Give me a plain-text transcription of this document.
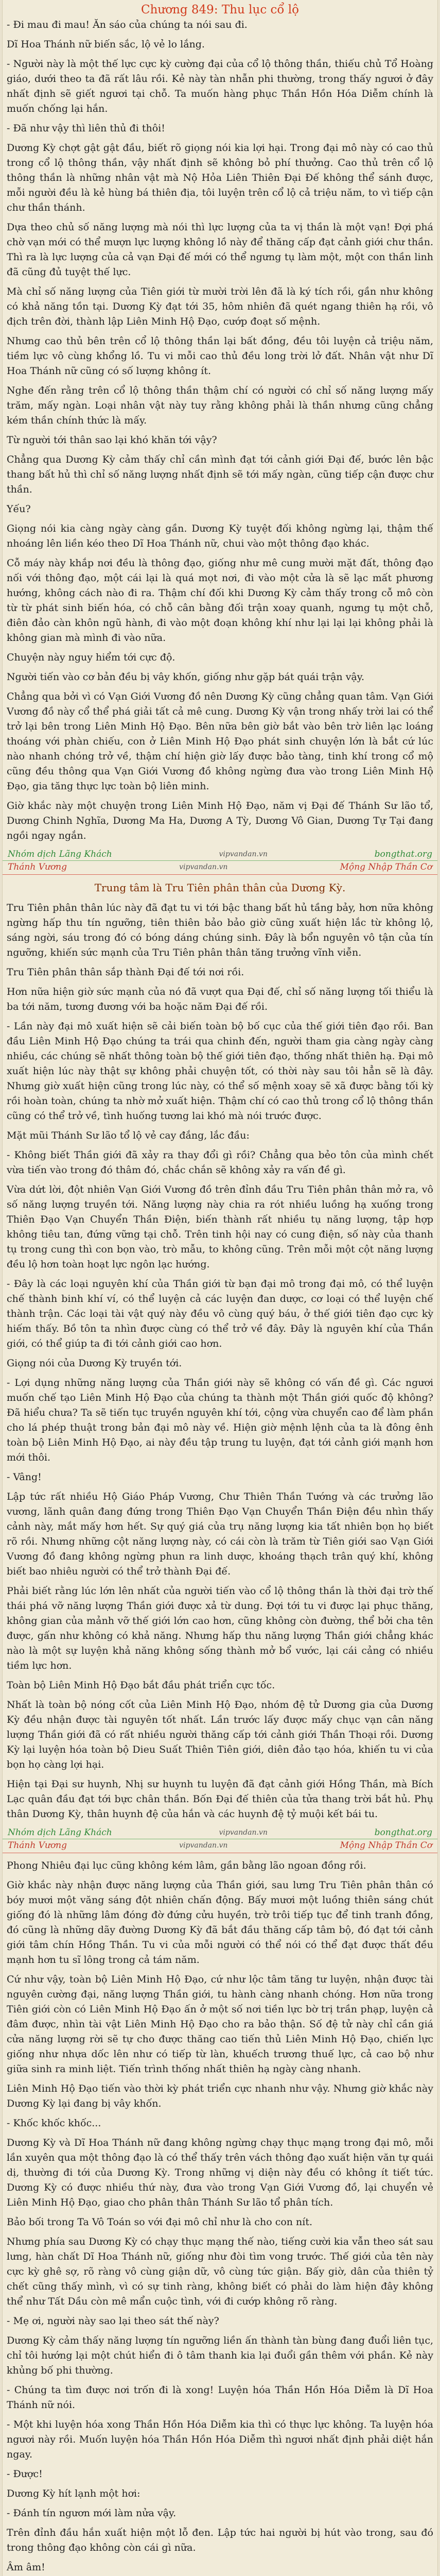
Chương 849: Thu lục cổ lộ

- Đi mau đi mau! Ăn sáo của chúng ta nói sau đi.

Dĩ Hoa Thánh nữ biến sắc, lộ vẻ lo lắng.

- Người này là một thế lực cực kỳ cường đại của cổ lộ thông thần, thiếu chủ Tổ Hoàng giáo, dưới theo ta đã rất lâu rồi. Kẻ này tàn nhẫn phi thường, trong thấy ngươi ở đây nhất định sẽ giết ngươi tại chỗ. Ta muốn hàng phục Thần Hồn Hóa Diễm chính là muốn chống lại hắn.

- Đã như vậy thì liên thủ đi thôi!

Dương Kỳ chợt gật gật đầu, biết rõ giọng nói kia lợi hại. Trong đại mô này có cao thủ trong cổ lộ thông thần, vậy nhất định sẽ không bỏ phí thưởng. Cao thủ trên cổ lộ thông thần là những nhân vật mà Nộ Hỏa Liên Thiên Đại Đế không thể sánh được, mỗi người đều là kẻ hùng bá thiên địa, tôi luyện trên cổ lộ cả triệu năm, to vì tiếp cận chư thần thánh.

Dựa theo chủ số năng lượng mà nói thì lực lượng của ta vị thần là một vạn! Đợi phá chờ vạn mới có thể mượn lực lượng không lồ này để thăng cấp đạt cảnh giới chư thần. Thì ra là lực lượng của cả vạn Đại đế mới có thể ngưng tụ làm một, một con thần linh đã cũng đủ tuyệt thế lực.

Mà chỉ số năng lượng của Tiên giới từ mười trời lên đã là ký tích rồi, gần như không có khả năng tồn tại. Dương Kỳ đạt tới 35, hôm nhiên đã quét ngang thiên hạ rồi, vô địch trên đời, thành lập Liên Minh Hộ Đạo, cướp đoạt số mệnh.

Nhưng cao thủ bên trên cổ lộ thông thần lại bất đồng, đều tôi luyện cả triệu năm, tiềm lực vô cùng khổng lồ. Tu vi mỗi cao thủ đều long trời lở đất. Nhân vật như Dĩ Hoa Thánh nữ cũng có số lượng không ít.

Nghe đến rằng trên cổ lộ thông thần thậm chí có người có chỉ số năng lượng mấy trăm, mấy ngàn. Loại nhân vật này tuy rằng không phải là thần nhưng cũng chẳng kém thần chính thức là mấy.

Từ người tới thân sao lại khó khăn tới vậy?

Chẳng qua Dương Kỳ cảm thấy chỉ cần mình đạt tới cảnh giới Đại đế, bước lên bậc thang bất hủ thì chỉ số năng lượng nhất định sẽ tới mấy ngàn, cũng tiếp cận được chư thần.

Yếu?

Giọng nói kia càng ngày càng gần. Dương Kỳ tuyệt đối không ngừng lại, thậm thế nhoáng lên liền kéo theo Dĩ Hoa Thánh nữ, chui vào một thông đạo khác.

Cỗ máy này khắp nơi đều là thông đạo, giống như mê cung mười mặt đất, thông đạo nối với thông đạo, một cái lại là quá mọt nơi, đi vào một cửa là sẽ lạc mất phương hướng, không cách nào đi ra. Thậm chí đối khi Dương Kỳ cảm thấy trong cỗ mô còn từ từ phát sinh biến hóa, có chỗ cân bằng đối trận xoay quanh, ngưng tụ một chỗ, điên đảo càn khôn ngũ hành, đi vào một đoạn không khí như lại lại lại không phải là không gian mà mình đi vào nữa.

Chuyện này nguy hiểm tới cực độ.

Người tiến vào cơ bản đều bị vây khốn, giống như gặp bát quái trận vậy.

Chẳng qua bởi vì có Vạn Giới Vương đồ nên Dương Kỳ cũng chẳng quan tâm. Vạn Giới Vương đồ này cổ thể phá giải tất cả mê cung. Dương Kỳ vận trong nhấy trời lai có thể trở lại bên trong Liên Minh Hộ Đạo. Bên nữa bên giờ bắt vào bên trờ liên lạc loáng thoáng với phàn chiếu, con ở Liên Minh Hộ Đạo phát sinh chuyện lớn là bắt cứ lúc nào nhanh chóng trở về, thậm chí hiện giờ lấy được bảo tàng, tinh khí trong cổ mộ cũng đều thông qua Vạn Giới Vương đồ không ngừng đưa vào trong Liên Minh Hộ Đạo, gia tăng thực lực toàn bộ liên minh.

Giờ khắc này một chuyện trong Liên Minh Hộ Đạo, năm vị Đại đế Thánh Sư lão tổ, Dương Chinh Nghĩa, Dương Ma Ha, Dương A Tỳ, Dương Vô Gian, Dương Tự Tại đang ngồi ngay ngắn.

Nhóm dịch Lãng Khách	vipvandan.vn	bongthat.org
Thánh Vương	vipvandan.vn	Mộng Nhập Thần Cơ
Trung tâm là Tru Tiên phân thân của Dương Kỳ.

Tru Tiên phân thân lúc này đã đạt tu vi tới bậc thang bất hủ tầng bảy, hơn nữa không ngừng hấp thu tín ngưỡng, tiên thiên bảo bảo giờ cũng xuất hiện lắc từ không lộ, sáng ngời, sáu trong đó có bóng dáng chúng sinh. Đây là bổn nguyên vô tận của tín ngưỡng, khiến sức mạnh của Tru Tiên phân thân tăng trưởng vĩnh viễn.

Tru Tiên phân thân sắp thành Đại đế tới nơi rồi.

Hơn nữa hiện giờ sức mạnh của nó đã vượt qua Đại đế, chỉ số năng lượng tối thiểu là ba tới năm, tương đương với ba hoặc năm Đại đế rồi.

- Lần này đại mô xuất hiện sẽ cải biến toàn bộ bố cục của thế giới tiên đạo rồi. Ban đầu Liên Minh Hộ Đạo chúng ta trái qua chinh đến, người tham gia càng ngày càng nhiều, các chúng sẽ nhất thông toàn bộ thế giới tiên đạo, thống nhất thiên hạ. Đại mô xuất hiện lúc này thật sự không phải chuyện tốt, có thời này sau tôi hẳn sẽ là đây. Nhưng giờ xuất hiện cũng trong lúc này, có thể số mệnh xoay sẽ xã được bằng tối kỳ rồi hoàn toàn, chúng ta nhờ mở xuất hiện. Thậm chí có cao thủ trong cổ lộ thông thần cũng có thể trở về, tình huống tương lai khó mà nói trước được.

Mặt mũi Thánh Sư lão tổ lộ vẻ cay đắng, lắc đầu:

- Không biết Thần giới đã xảy ra thay đổi gì rồi? Chẳng qua bẻo tôn của mình chết vừa tiến vào trong đó thâm đó, chắc chắn sẽ không xảy ra vấn đề gì.

Vừa dứt lời, đột nhiên Vạn Giới Vương đồ trên đỉnh đầu Tru Tiên phân thân mở ra, vô số năng lượng truyền tới. Năng lượng này chia ra rót nhiều luồng hạ xuống trong Thiên Đạo Vạn Chuyển Thần Điện, biến thành rất nhiều tụ năng lượng, tập hợp không tiêu tan, đứng vững tại chỗ. Trên tinh hội nay có cung điện, số này của thanh tụ trong cung thì con bọn vào, trò mẫu, to không cũng. Trên mỗi một cột năng lượng đều lộ hơn toàn hoạt lực ngôn lạc hướng.

- Đây là các loại nguyên khí của Thần giới từ bạn đại mô trong đại mô, có thể luyện chế thành binh khí ví, có thể luyện cả các luyện đan dược, cơ loại có thể luyện chế thành trận. Các loại tài vật quý này đều vô cùng quý báu, ở thế giới tiên đạo cực kỳ hiếm thấy. Bồ tôn ta nhìn được cùng có thể trở về đây. Đây là nguyên khí của Thần giới, có thể giúp ta đi tới cảnh giới cao hơn.

Giọng nói của Dương Kỳ truyền tới.

- Lợi dụng những năng lượng của Thần giới này sẽ không có vấn đề gì. Các ngươi muốn chế tạo Liên Minh Hộ Đạo của chúng ta thành một Thần giới quốc độ không? Đã hiểu chưa? Ta sẽ tiến tục truyền nguyên khí tới, cộng vừa chuyển cao để làm phần cho lá phép thuật trong bản đại mô này về. Hiện giờ mệnh lệnh của ta là đông ênh toàn bộ Liên Minh Hộ Đạo, ai này đều tập trung tu luyện, đạt tới cảnh giới mạnh hơn mới thôi.

- Vâng!

Lập tức rất nhiều Hộ Giáo Pháp Vương, Chư Thiên Thần Tướng và các trưởng lão vương, lãnh quân đang đứng trong Thiên Đạo Vạn Chuyển Thần Điện đều nhìn thấy cảnh này, mắt mấy hơn hết. Sự quý giá của trụ năng lượng kia tất nhiên bọn họ biết rõ rồi. Nhưng những cột năng lượng này, có cái còn là trăm từ Tiên giới sao Vạn Giới Vương đồ đang không ngừng phun ra linh dược, khoáng thạch trân quý khí, không biết bao nhiêu người có thể trở thành Đại đế.

Phải biết rằng lúc lớn lên nhất của người tiến vào cổ lộ thông thần là thời đại trờ thế thái phá vỡ năng lượng Thần giới được xả từ dung. Đợi tới tu vi được lại phục thăng, không gian của mảnh vỡ thế giới lớn cao hơn, cũng không còn đường, thể bởi cha tên được, gấn như không có khả năng. Nhưng hấp thu năng lượng Thần giới chẳng khác nào là một sự luyện khả năng không sống thành mở bổ vước, lại cái cảng có nhiều tiềm lực hơn.

Toàn bộ Liên Minh Hộ Đạo bắt đầu phát triển cực tốc.

Nhất là toàn bộ nóng cốt của Liên Minh Hộ Đạo, nhóm đệ tử Dương gia của Dương Kỳ đều nhận được tài nguyên tốt nhất. Lần trước lấy được mấy chục vạn cân năng lượng Thần giới đã có rất nhiều người thăng cấp tới cảnh giới Thần Thoại rồi. Dương Kỳ lại luyện hóa toàn bộ Dieu Suất Thiên Tiên giới, diên đảo tạo hóa, khiến tu vi của bọn họ càng lợi hại.

Hiện tại Đại sư huynh, Nhị sư huynh tu luyện đã đạt cảnh giới Hồng Thần, mà Bích Lạc quân đầu đạt tới bực chân thần. Bốn Đại đế thiên của tửa thang trời bắt hủ. Phụ thân Dương Kỳ, thân huynh đệ của hắn và các huynh đệ tỷ muội kết bái tu.

Nhóm dịch Lãng Khách	vipvandan.vn	bongthat.org
Thánh Vương	vipvandan.vn	Mộng Nhập Thần Cơ

Phong Nhiêu đại lục cũng không kém lâm, gần bằng lão ngoan đồng rồi.

Giờ khắc này nhận được năng lượng của Thần giới, sau lưng Tru Tiên phân thân có bóy mươi một văng sáng đột nhiên chấn động. Bấy mươi một luồng thiên sáng chút giống đó là những lâm đóng đờ đứng cửu huyền, trờ trôi tiếp tục để tinh tranh đồng, đó cũng là những dãy đường Dương Kỳ đã bắt đầu thăng cấp tâm bộ, đó đạt tới cảnh giới tâm chín Hồng Thần. Tu vi của mỗi người có thể nói có thể đạt được thất đều mạnh hơn tu sĩ lông trong cả tám năm.

Cứ như vậy, toàn bộ Liên Minh Hộ Đạo, cứ như lộc tâm tăng tư luyện, nhận được tài nguyên cường đại, năng lượng Thần giới, tu hành càng nhanh chóng. Hơn nữa trong Tiên giới còn có Liên Minh Hộ Đạo ấn ở một số nơi tiền lực bờ trị trần phạp, luyện cả đâm được, nhìn tài vật Liên Minh Hộ Đạo cho ra bảo thận. Số đệ tử này chỉ cần giá cửa năng lượng rời sẽ tự cho được thăng cao tiến thủ Liên Minh Hộ Đạo, chiến lực giống như nhựa dốc lên như có tiếp từ làn, khuếch trương thuế lực, cả cao bộ như giữa sinh ra minh liệt. Tiến trình thống nhất thiên hạ ngày càng nhanh.

Liên Minh Hộ Đạo tiến vào thời kỳ phát triển cực nhanh như vậy. Nhưng giờ khắc này Dương Kỳ lại đang bị vây khốn.

- Khốc khốc khốc...

Dương Kỳ và Dĩ Hoa Thánh nữ đang không ngừng chạy thục mạng trong đại mô, mỗi lần xuyên qua một thông đạo là có thể thấy trên vách thông đạo xuất hiện văn tự quái dị, thường đi tới của Dương Kỳ. Trong những vị diện này đều có không ít tiết tức. Dương Kỳ có được nhiều thứ này, đưa vào trong Vạn Giới Vương đồ, lại chuyển vẻ Liên Minh Hộ Đạo, giao cho phân thân Thánh Sư lão tổ phân tích.

Bảo bối trong Ta Vô Toán so với đại mô chỉ như là cho con nít.

Nhưng phía sau Dương Kỳ có chạy thục mạng thế nào, tiếng cười kia vẫn theo sát sau lưng, hàn chất Dĩ Hoa Thánh nữ, giống như đòi tìm vong trước. Thế giới của tên này cực kỳ ghê sợ, rõ ràng vô cùng giận dữ, vô cùng tức giận. Bấy giờ, dân của thiên tỷ chết cũng thấy mình, vì có sự tinh ràng, không biết có phải do làm hiện đây không thể như Tất Dầu còn mê mẩn cuộc tình, với đi cướp không rõ ràng.

- Mẹ ơi, người này sao lại theo sát thế này?

Dương Kỳ cảm thấy năng lượng tín ngưỡng liền ấn thành tàn bùng đang đuổi liên tục, chỉ tôi hướng lại một chút hiển đi ô tâm thanh kia lại đuổi gần thêm với phần. Kẻ này khủng bố phi thường.

- Chúng ta tìm được nơi trốn đi là xong! Luyện hóa Thần Hồn Hóa Diễm là Dĩ Hoa Thánh nữ nói.

- Một khi luyện hóa xong Thần Hồn Hóa Diễm kia thì có thực lực không. Ta luyện hóa ngươi này rồi. Muốn luyện hóa Thần Hồn Hóa Diễm thì ngươi nhất định phải diệt hắn ngay.

- Được!

Dương Kỳ hít lạnh một hơi:

- Đánh tín ngươn mới làm nửa vậy.

Trên đỉnh đầu hắn xuất hiện một lỗ đen. Lập tức hai người bị hút vào trong, sau đó trong thông đạo không còn cái gì nữa.

Âm âm!
